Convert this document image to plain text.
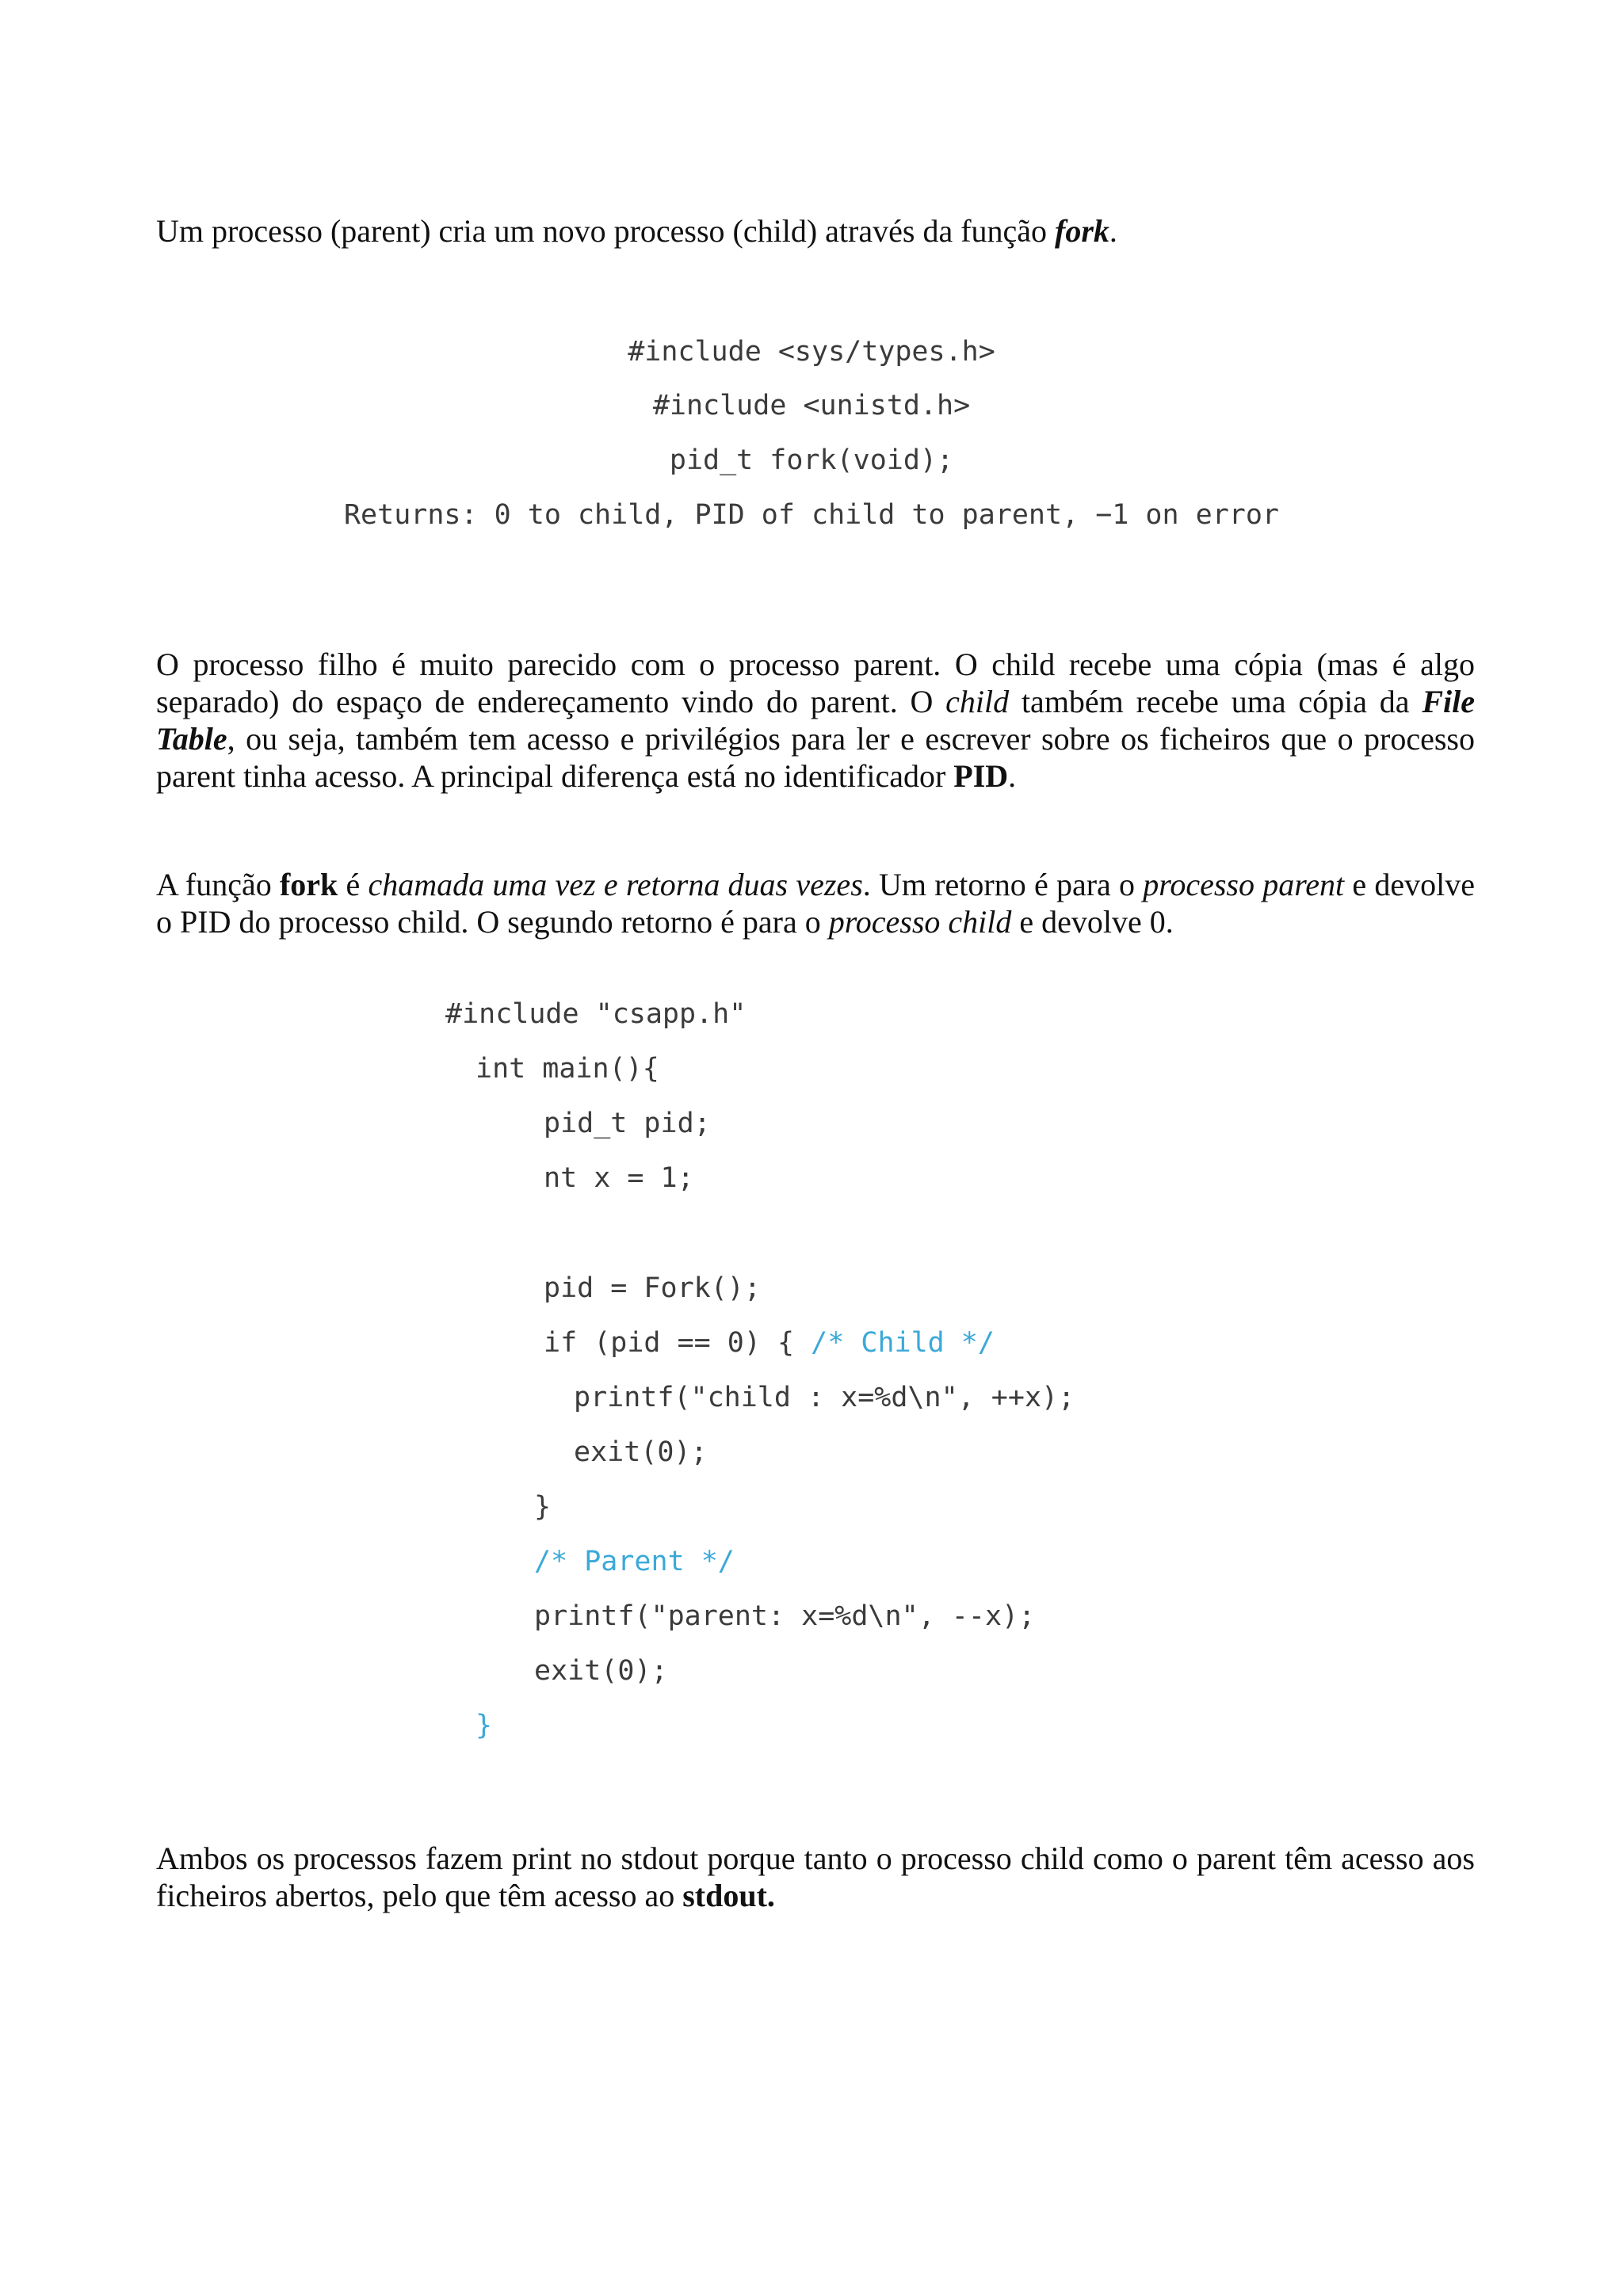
Um processo (parent) cria um novo processo (child) através da função fork.

#include <sys/types.h>
#include <unistd.h>
pid_t fork(void);
Returns: 0 to child, PID of child to parent, −1 on error

O processo filho é muito parecido com o processo parent. O child recebe uma cópia (mas é algo separado) do espaço de endereçamento vindo do parent. O child também recebe uma cópia da File Table, ou seja, também tem acesso e privilégios para ler e escrever sobre os ficheiros que o processo parent tinha acesso. A principal diferença está no identificador PID.

A função fork é chamada uma vez e retorna duas vezes. Um retorno é para o processo parent e devolve o PID do processo child. O segundo retorno é para o processo child e devolve 0.

#include "csapp.h"
int main(){
pid_t pid;
nt x = 1;
pid = Fork();
if (pid == 0) { /* Child */
printf("child : x=%d\n", ++x);
exit(0);
}
/* Parent */
printf("parent: x=%d\n", --x);
exit(0);
}

Ambos os processos fazem print no stdout porque tanto o processo child como o parent têm acesso aos ficheiros abertos, pelo que têm acesso ao stdout.
